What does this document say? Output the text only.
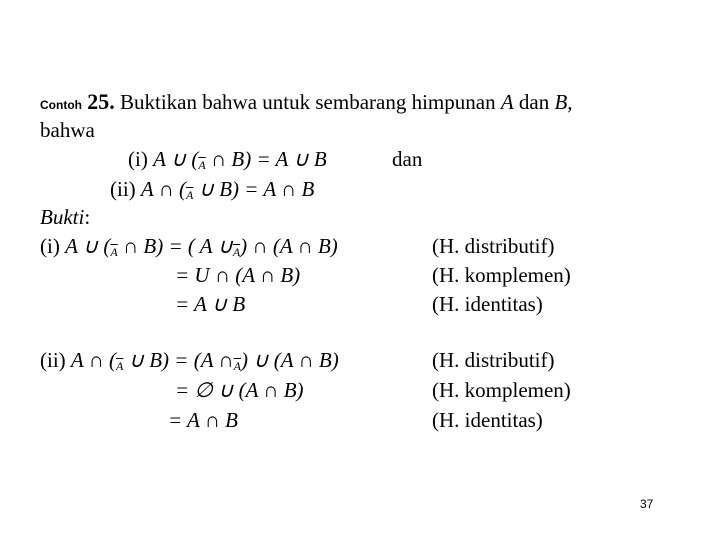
Contoh 25. Buktikan bahwa untuk sembarang himpunan A dan B,
bahwa
(i) A ∪ ($\overline{A}$ ∩ B) = A ∪ B	dan
(ii) A ∩ ($\overline{A}$ ∪ B) = A ∩ B
Bukti:
(i) A ∪ ($\overline{A}$ ∩ B) = ( A $\cup\overline{A}$) ∩ (A ∩ B)	(H. distributif)
= U ∩ (A ∩ B)	(H. komplemen)
= A ∪ B	(H. identitas)
(ii) A ∩ ($\overline{A}$ ∪ B) = (A $\cap\overline{A}$) ∪ (A ∩ B)	(H. distributif)
= ∅ ∪ (A ∩ B)	(H. komplemen)
= A ∩ B	(H. identitas)
37
